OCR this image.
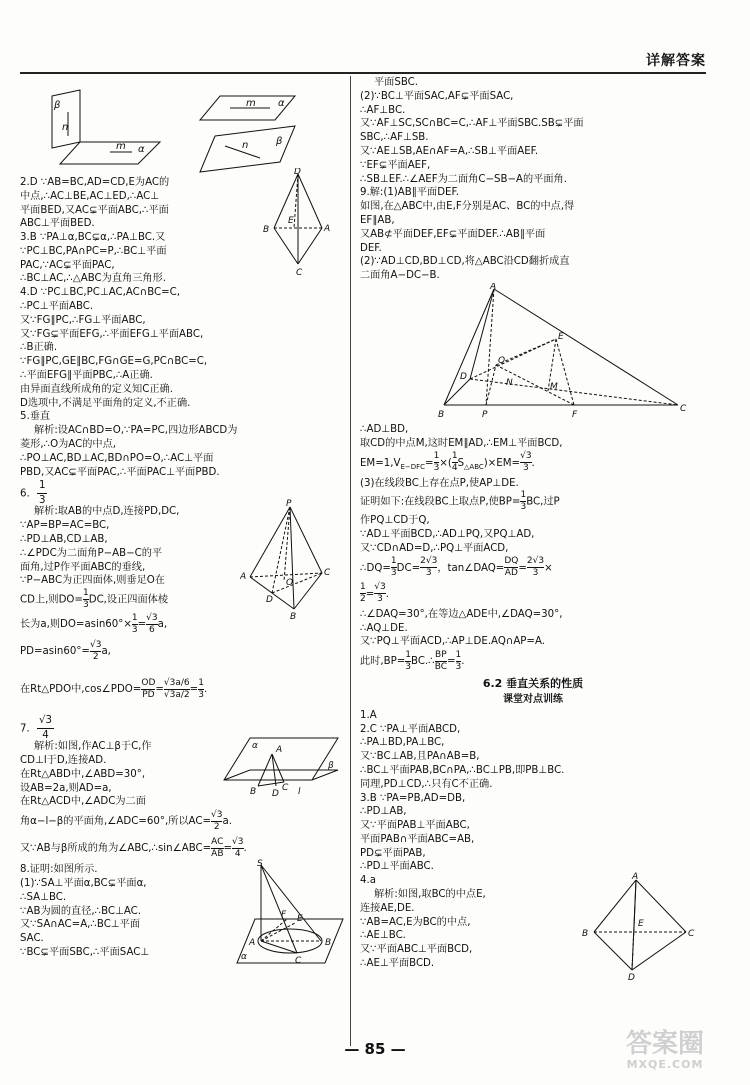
详解答案
β
n
m α
m α
n	β
2.D ∵AB=BC,AD=CD,E为AC的
中点,∴AC⊥BE,AC⊥ED,∴AC⊥
平面BED,又AC⊊平面ABC,∴平面
ABC⊥平面BED.
D
E
B	A
C
3.B ∵PA⊥α,BC⊊α,∴PA⊥BC.又
∵PC⊥BC,PA∩PC=P,∴BC⊥平面
PAC,∵AC⊊平面PAC,
∴BC⊥AC,∴△ABC为直角三角形.
4.D ∵PC⊥BC,PC⊥AC,AC∩BC=C,
∴PC⊥平面ABC.
又∵FG∥PC,∴FG⊥平面ABC,
又∵FG⊊平面EFG,∴平面EFG⊥平面ABC,
∴B正确.
∵FG∥PC,GE∥BC,FG∩GE=G,PC∩BC=C,
∴平面EFG∥平面PBC,∴A正确.
由异面直线所成角的定义知C正确.
D选项中,不满足平面角的定义,不正确.
5.垂直
解析:设AC∩BD=O,∵PA=PC,四边形ABCD为
菱形,∴O为AC的中点,
∴PO⊥AC,BD⊥AC,BD∩PO=O,∴AC⊥平面
PBD,又AC⊊平面PAC,∴平面PAC⊥平面PBD.
6. $\frac{1}{3}$
解析:取AB的中点D,连接PD,DC,
∵AP=BP=AC=BC,
∴PD⊥AB,CD⊥AB,
∴∠PDC为二面角P−AB−C的平
面角,过P作平面ABC的垂线,
∵P−ABC为正四面体,则垂足O在
CD上,则$DO= \frac{1}{3}$ DC,设正四面体棱
长为a,则$DO=asin60^\circ\times \frac{1}{3} = \frac{√3}{6} a$,
$PD=asin60^\circ= \frac{√3}{2} a$,
在Rt△PDO中,cos∠PDO= $\frac{OD}{PD} = \frac{√3a/6}{√3a/2} = \frac{1}{3}$ .
P
A
D
O
C
B
7. $\frac{√3}{4}$
解析:如图,作AC⊥β于C,作
CD⊥l于D,连接AD.
在Rt△ABD中,∠ABD=30°,
设AB=2a,则AD=a,
在Rt△ACD中,∠ADC为二面
角α−l−β的平面角,∠ADC=60°,所以$AC= \frac{√3}{2} a$.
又∵AB与β所成的角为∠ABC,∴sin∠ABC= $\frac{AC}{AB} = \frac{√3}{4}$ .
α A
β
B D
C l
8.证明:如图所示.
(1)∵SA⊥平面α,BC⊊平面α,
∴SA⊥BC.
∵AB为圆的直径,∴BC⊥AC.
又∵SA∩AC=A,∴BC⊥平面
SAC.
∵BC⊊平面SBC,∴平面SAC⊥
S
F E
A
C
B
α
平面SBC.
(2)∵BC⊥平面SAC,AF⊊平面SAC,
∴AF⊥BC.
又∵AF⊥SC,SC∩BC=C,∴AF⊥平面SBC.SB⊊平面
SBC,∴AF⊥SB.
又∵AE⊥SB,AE∩AF=A,∴SB⊥平面AEF.
∵EF⊊平面AEF,
∴SB⊥EF.∴∠AEF为二面角C−SB−A的平面角.
9.解:(1)AB∥平面DEF.
如图,在△ABC中,由E,F分别是AC、BC的中点,得
EF∥AB,
又AB⊄平面DEF,EF⊊平面DEF.∴AB∥平面
DEF.
(2)∵AD⊥CD,BD⊥CD,将△ABC沿CD翻折成直
二面角A−DC−B.
A
E
D
Q
M
B	P
N
F
C
∴AD⊥BD,
取CD的中点M,这时EM∥AD,∴EM⊥平面BCD,
$EM=1,V_{E-DFC}= \frac{1}{3}$ ×( $\frac{1}{4} S_{\triangle ABC})\times EM= \frac{√3}{3}$ .
(3)在线段BC上存在点P,使AP⊥DE.
证明如下:在线段BC上取点P,使$BP= \frac{1}{3}$ BC,过P
作PQ⊥CD于Q,
∵AD⊥平面BCD,∴AD⊥PQ,又PQ⊥AD,
又∵CD∩AD=D,∴PQ⊥平面ACD,
∴DQ= $\frac{1}{3} DC= \frac{2√3}{3}$ ，tan∠DAQ= $\frac{DQ}{AD} = \frac{2√3}{3}$ ×
$\frac{1}{2} = \frac{√3}{3}$ .
∴∠DAQ=30°,在等边△ADE中,∠DAQ=30°,
∴AQ⊥DE.
又∵PQ⊥平面ACD,∴AP⊥DE.AQ∩AP=A.
此时$,BP= \frac{1}{3}$ BC.∴ $\frac{BP}{BC} = \frac{1}{3}$ .
6.2 垂直关系的性质
课堂对点训练
1.A
2.C ∵PA⊥平面ABCD,
∴PA⊥BD,PA⊥BC,
又∵BC⊥AB,且PA∩AB=B,
∴BC⊥平面PAB,BC∩PA,∴BC⊥PB,即PB⊥BC.
同理,PD⊥CD,∴只有C不正确.
3.B ∵PA=PB,AD=DB,
∴PD⊥AB,
又∵平面PAB⊥平面ABC,
平面PAB∩平面ABC=AB,
PD⊊平面PAB,
∴PD⊥平面ABC.
4.a
解析:如图,取BC的中点E,
连接AE,DE.
∵AB=AC,E为BC的中点,
∴AE⊥BC.
又∵平面ABC⊥平面BCD,
∴AE⊥平面BCD.
A
E
B	C
D
— 85 —	答案圈
MXQE.COM
